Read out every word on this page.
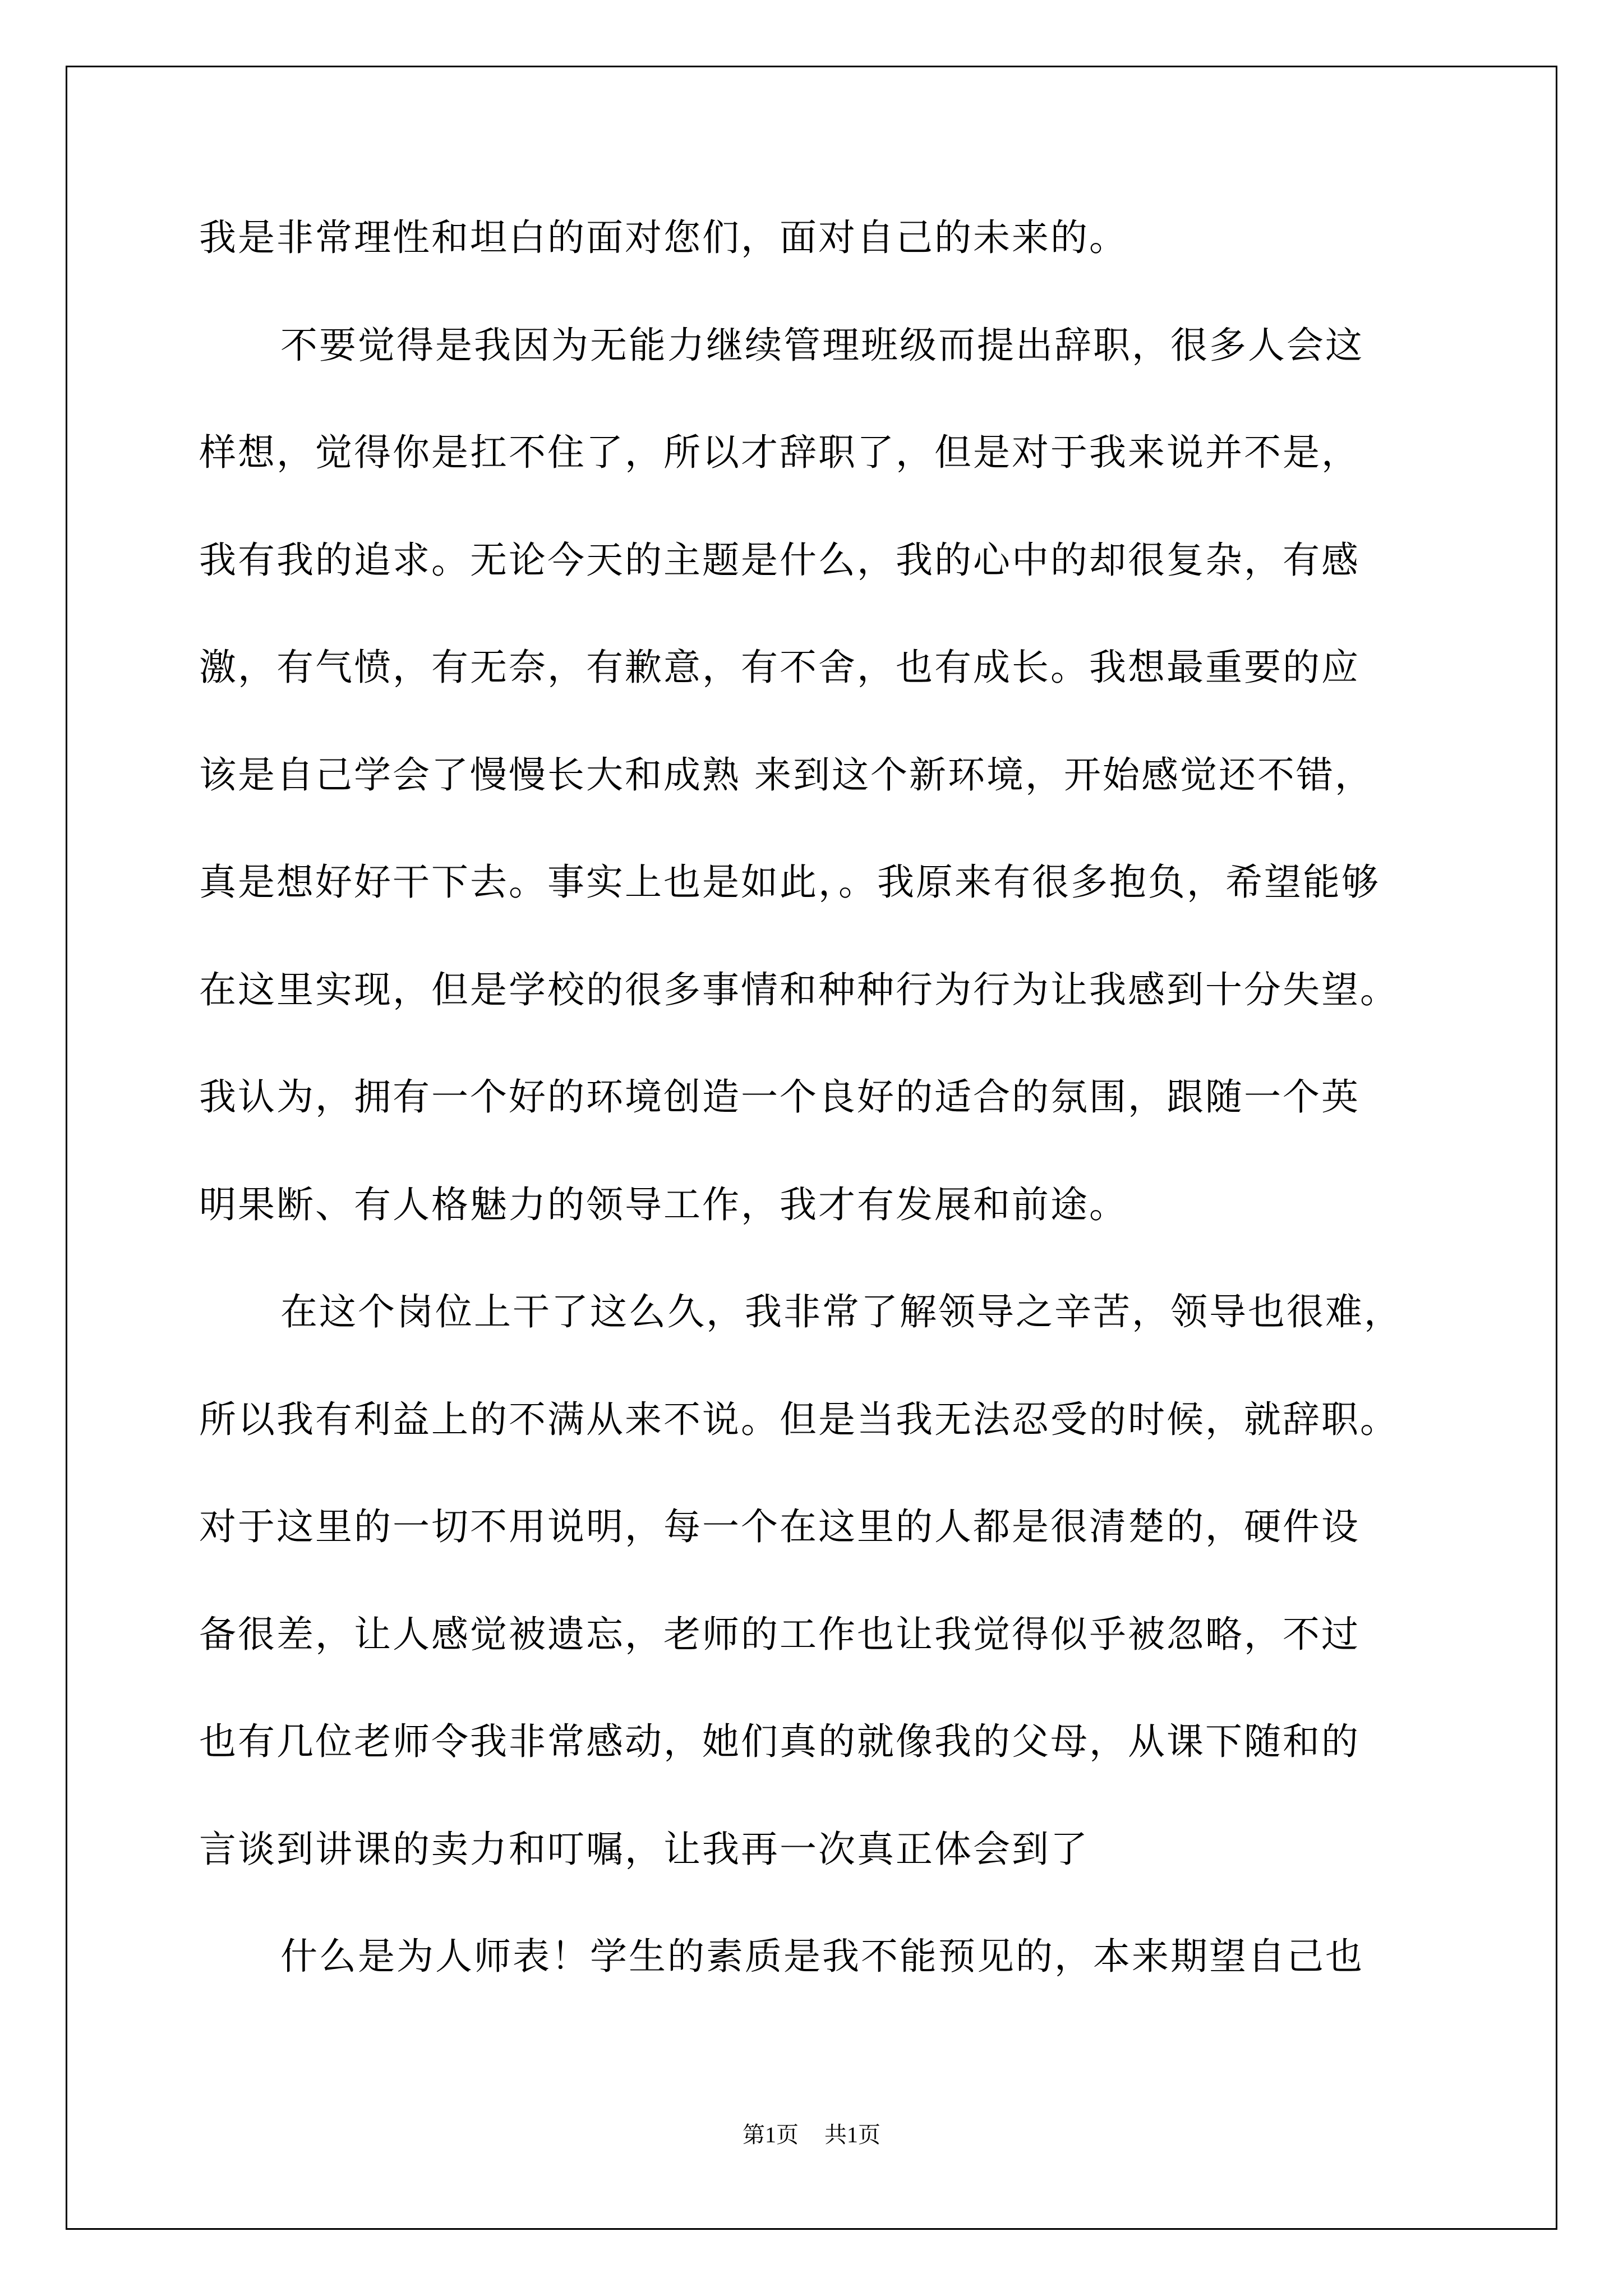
我是非常理性和坦白的面对您们，面对自己的未来的。

不要觉得是我因为无能力继续管理班级而提出辞职，很多人会这

样想，觉得你是扛不住了，所以才辞职了，但是对于我来说并不是，

我有我的追求。无论今天的主题是什么，我的心中的却很复杂，有感

激，有气愤，有无奈，有歉意，有不舍，也有成长。我想最重要的应

该是自己学会了慢慢长大和成熟 来到这个新环境，开始感觉还不错，

真是想好好干下去。事实上也是如此，。我原来有很多抱负，希望能够

在这里实现，但是学校的很多事情和种种行为行为让我感到十分失望。

我认为，拥有一个好的环境创造一个良好的适合的氛围，跟随一个英

明果断、有人格魅力的领导工作，我才有发展和前途。

在这个岗位上干了这么久，我非常了解领导之辛苦，领导也很难，

所以我有利益上的不满从来不说。但是当我无法忍受的时候，就辞职。

对于这里的一切不用说明，每一个在这里的人都是很清楚的，硬件设

备很差，让人感觉被遗忘，老师的工作也让我觉得似乎被忽略，不过

也有几位老师令我非常感动，她们真的就像我的父母，从课下随和的

言谈到讲课的卖力和叮嘱，让我再一次真正体会到了

什么是为人师表！学生的素质是我不能预见的，本来期望自己也

第1页 共1页
